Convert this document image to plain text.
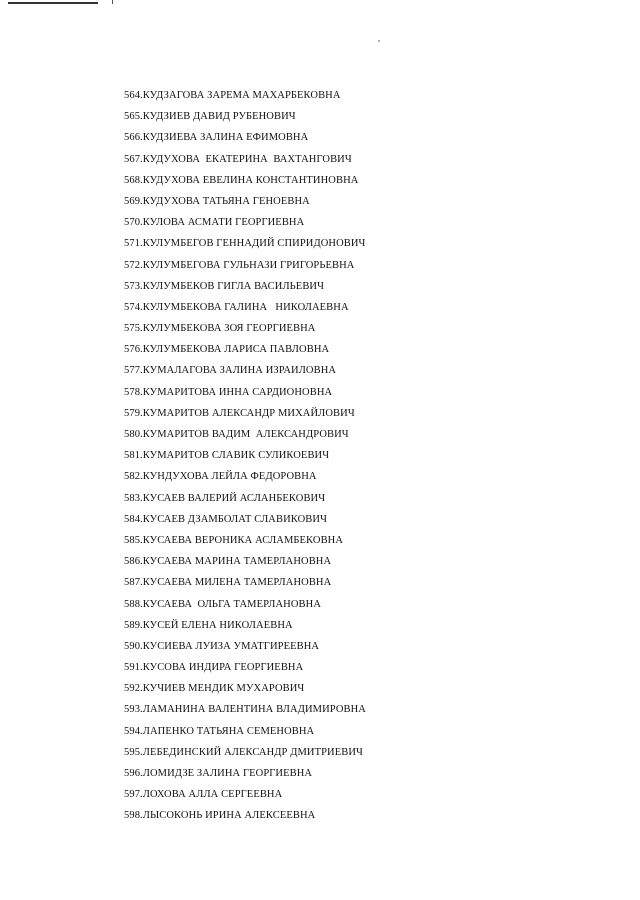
564.КУДЗАГОВА ЗАРЕМА МАХАРБЕКОВНА
565.КУДЗИЕВ ДАВИД РУБЕНОВИЧ
566.КУДЗИЕВА ЗАЛИНА ЕФИМОВНА
567.КУДУХОВА  ЕКАТЕРИНА  ВАХТАНГОВИЧ
568.КУДУХОВА ЕВЕЛИНА КОНСТАНТИНОВНА
569.КУДУХОВА ТАТЬЯНА ГЕНОЕВНА
570.КУЛОВА АСМАТИ ГЕОРГИЕВНА
571.КУЛУМБЕГОВ ГЕННАДИЙ СПИРИДОНОВИЧ
572.КУЛУМБЕГОВА ГУЛЬНАЗИ ГРИГОРЬЕВНА
573.КУЛУМБЕКОВ ГИГЛА ВАСИЛЬЕВИЧ
574.КУЛУМБЕКОВА ГАЛИНА   НИКОЛАЕВНА
575.КУЛУМБЕКОВА ЗОЯ ГЕОРГИЕВНА
576.КУЛУМБЕКОВА ЛАРИСА ПАВЛОВНА
577.КУМАЛАГОВА ЗАЛИНА ИЗРАИЛОВНА
578.КУМАРИТОВА ИННА САРДИОНОВНА
579.КУМАРИТОВ АЛЕКСАНДР МИХАЙЛОВИЧ
580.КУМАРИТОВ ВАДИМ  АЛЕКСАНДРОВИЧ
581.КУМАРИТОВ СЛАВИК СУЛИКОЕВИЧ
582.КУНДУХОВА ЛЕЙЛА ФЕДОРОВНА
583.КУСАЕВ ВАЛЕРИЙ АСЛАНБЕКОВИЧ
584.КУСАЕВ ДЗАМБОЛАТ СЛАВИКОВИЧ
585.КУСАЕВА ВЕРОНИКА АСЛАМБЕКОВНА
586.КУСАЕВА МАРИНА ТАМЕРЛАНОВНА
587.КУСАЕВА МИЛЕНА ТАМЕРЛАНОВНА
588.КУСАЕВА  ОЛЬГА ТАМЕРЛАНОВНА
589.КУСЕЙ ЕЛЕНА НИКОЛАЕВНА
590.КУСИЕВА ЛУИЗА УМАТГИРЕЕВНА
591.КУСОВА ИНДИРА ГЕОРГИЕВНА
592.КУЧИЕВ МЕНДИК МУХАРОВИЧ
593.ЛАМАНИНА ВАЛЕНТИНА ВЛАДИМИРОВНА
594.ЛАПЕНКО ТАТЬЯНА СЕМЕНОВНА
595.ЛЕБЕДИНСКИЙ АЛЕКСАНДР ДМИТРИЕВИЧ
596.ЛОМИДЗЕ ЗАЛИНА ГЕОРГИЕВНА
597.ЛОХОВА АЛЛА СЕРГЕЕВНА
598.ЛЫСОКОНЬ ИРИНА АЛЕКСЕЕВНА
